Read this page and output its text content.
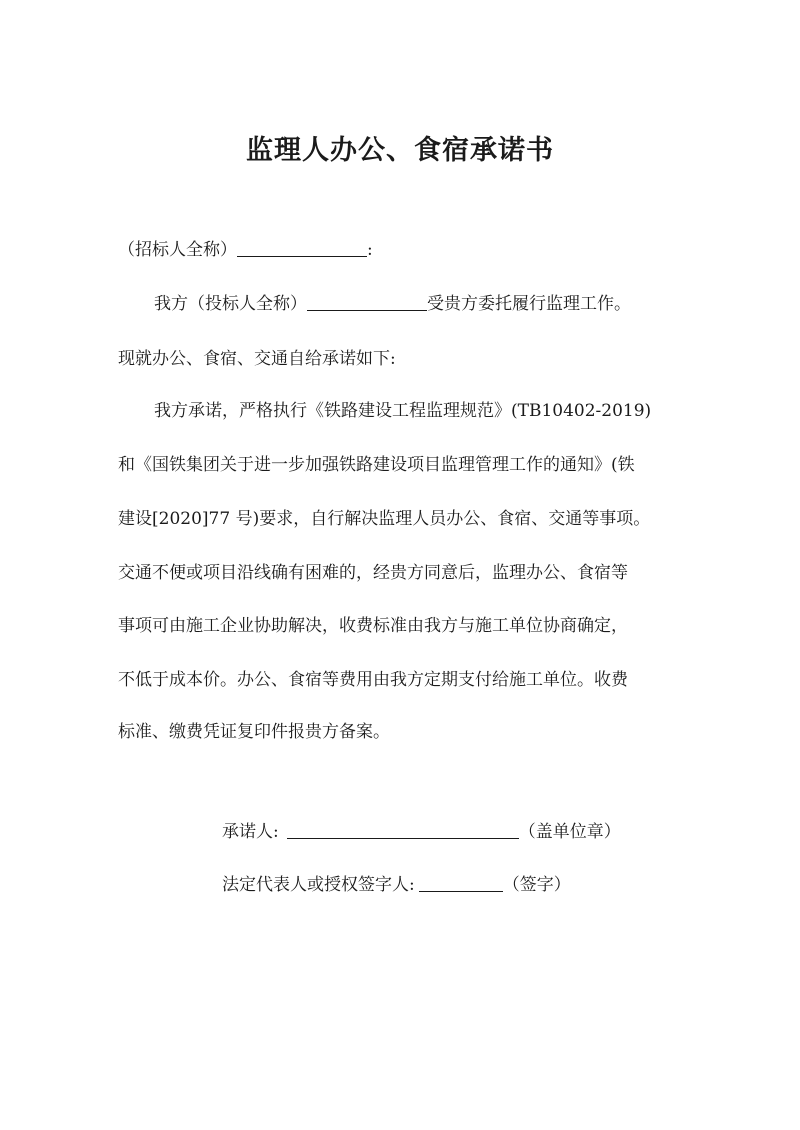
监理人办公、食宿承诺书
（招标人全称）	:
我方（投标人全称）	受贵方委托履行监理工作。
现就办公、食宿、交通自给承诺如下:
我方承诺，严格执行《铁路建设工程监理规范》(TB10402-2019)
和《国铁集团关于进一步加强铁路建设项目监理管理工作的通知》(铁
建设[2020]77 号)要求，自行解决监理人员办公、食宿、交通等事项。
交通不便或项目沿线确有困难的，经贵方同意后，监理办公、食宿等
事项可由施工企业协助解决，收费标准由我方与施工单位协商确定，
不低于成本价。办公、食宿等费用由我方定期支付给施工单位。收费
标准、缴费凭证复印件报贵方备案。
承诺人:	（盖单位章）
法定代表人或授权签字人:	（签字）
